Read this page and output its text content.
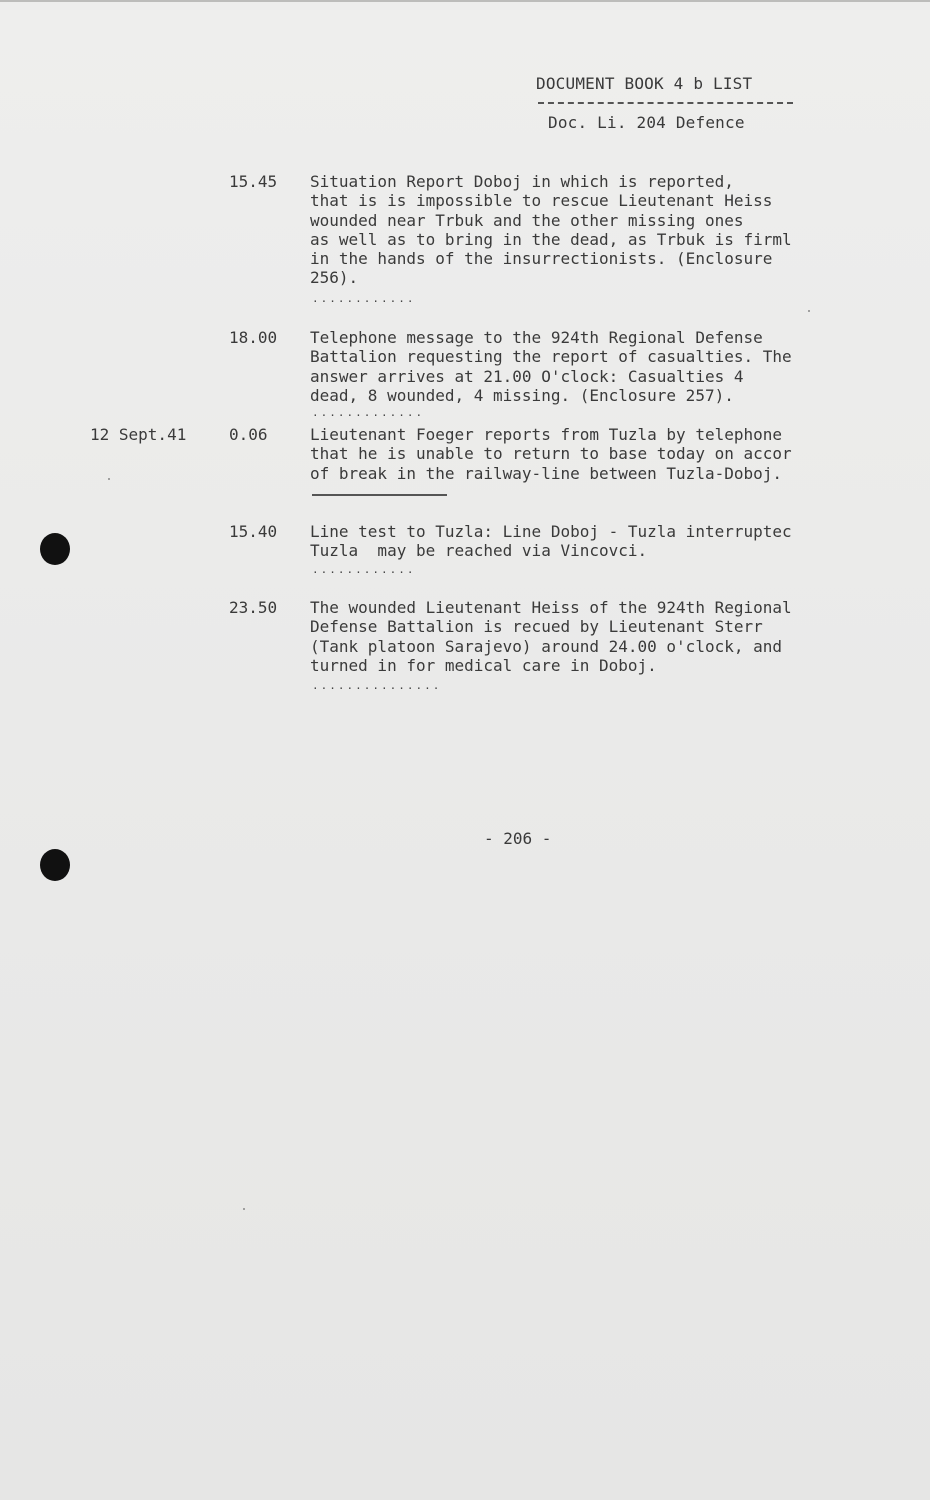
DOCUMENT BOOK 4 b LIST
Doc. Li. 204 Defence
15.45 Situation Report Doboj in which is reported,
that is is impossible to rescue Lieutenant Heiss
wounded near Trbuk and the other missing ones
as well as to bring in the dead, as Trbuk is firml
in the hands of the insurrectionists. (Enclosure
256).
............
18.00 Telephone message to the 924th Regional Defense
Battalion requesting the report of casualties. The
answer arrives at 21.00 O'clock: Casualties 4
dead, 8 wounded, 4 missing. (Enclosure 257).
.............
12 Sept.41	0.06	Lieutenant Foeger reports from Tuzla by telephone
that he is unable to return to base today on accor
of break in the railway-line between Tuzla-Doboj.
15.40 Line test to Tuzla: Line Doboj - Tuzla interruptec
Tuzla  may be reached via Vincovci.
............
23.50 The wounded Lieutenant Heiss of the 924th Regional
Defense Battalion is recued by Lieutenant Sterr
(Tank platoon Sarajevo) around 24.00 o'clock, and
turned in for medical care in Doboj.
...............
- 206 -
